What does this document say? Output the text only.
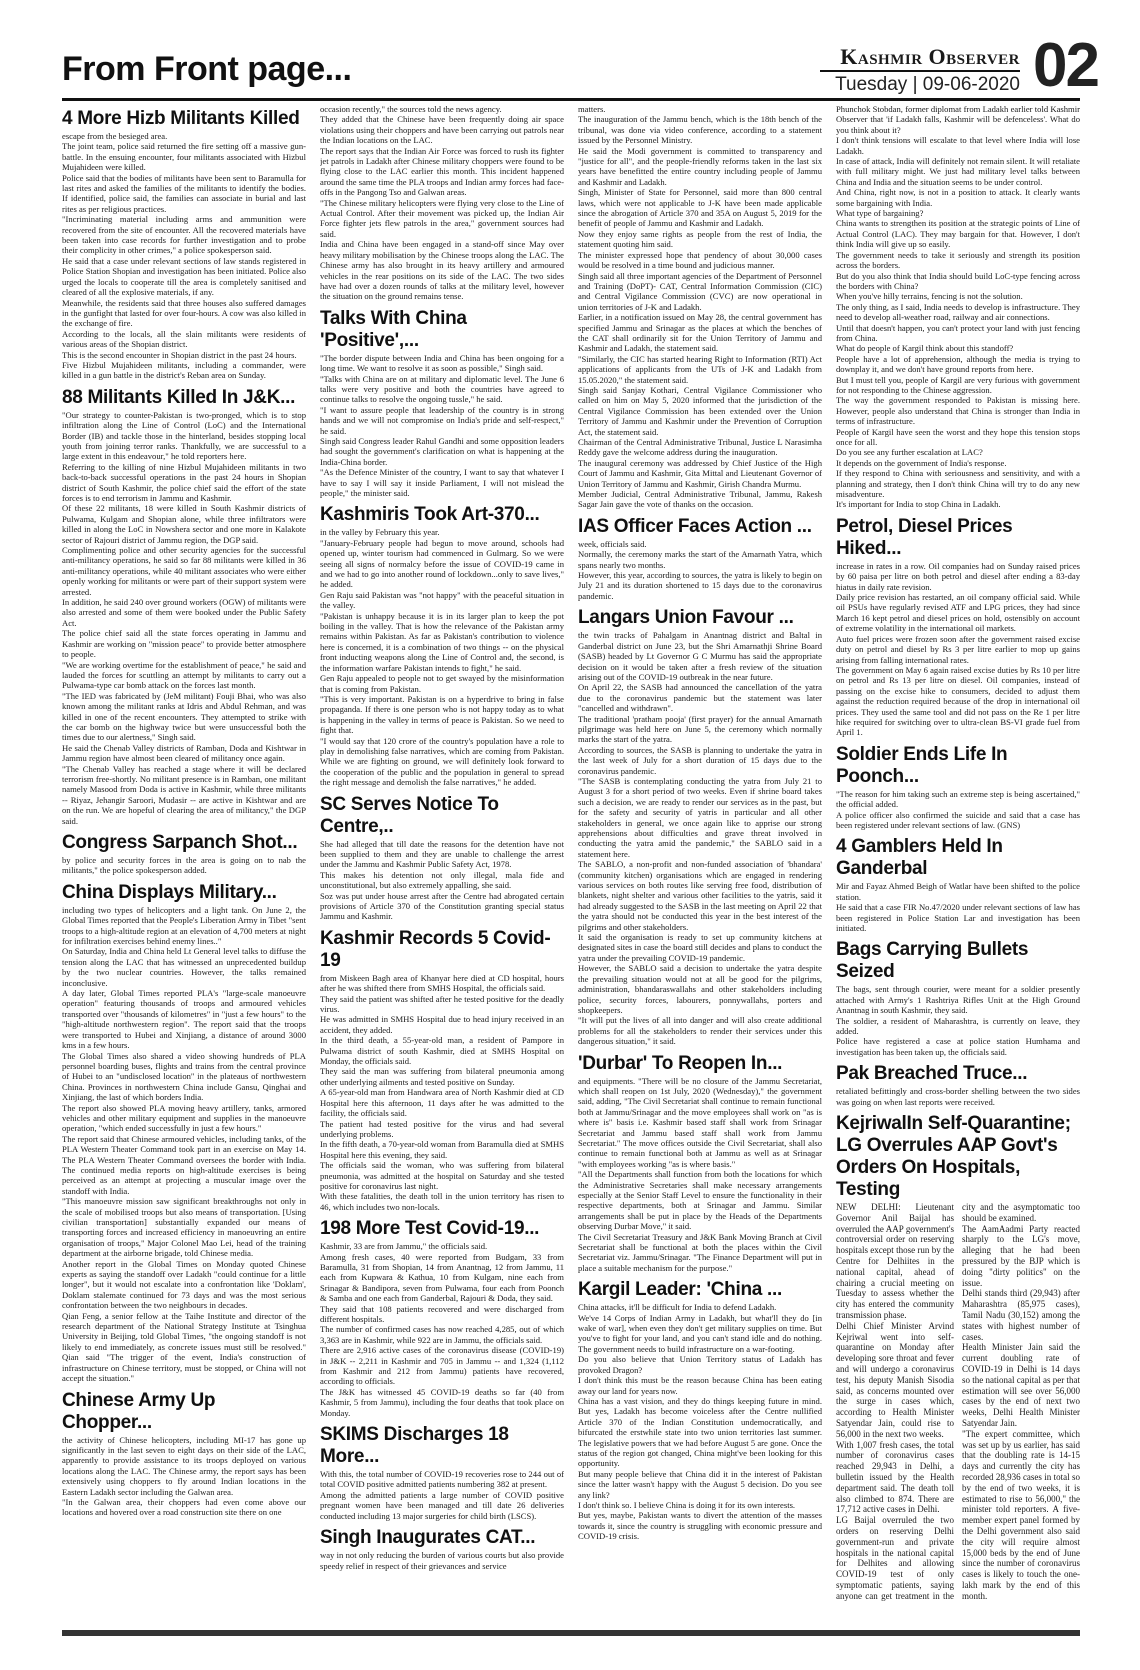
From Front page...	Kashmir Observer
Tuesday | 09-06-2020 02
4 More Hizb Militants Killed

escape from the besieged area.

The joint team, police said returned the fire setting off a massive gun-battle. In the ensuing encounter, four militants associated with Hizbul Mujahideen were killed.

Police said that the bodies of militants have been sent to Baramulla for last rites and asked the families of the militants to identify the bodies. If identified, police said, the families can associate in burial and last rites as per religious practices.

"Incriminating material including arms and ammunition were recovered from the site of encounter. All the recovered materials have been taken into case records for further investigation and to probe their complicity in other crimes," a police spokesperson said.

He said that a case under relevant sections of law stands registered in Police Station Shopian and investigation has been initiated. Police also urged the locals to cooperate till the area is completely sanitised and cleared of all the explosive materials, if any.

Meanwhile, the residents said that three houses also suffered damages in the gunfight that lasted for over four-hours. A cow was also killed in the exchange of fire.

According to the locals, all the slain militants were residents of various areas of the Shopian district.

This is the second encounter in Shopian district in the past 24 hours.

Five Hizbul Mujahideen militants, including a commander, were killed in a gun battle in the district's Reban area on Sunday.

88 Militants Killed In J&K...

"Our strategy to counter-Pakistan is two-pronged, which is to stop infiltration along the Line of Control (LoC) and the International Border (IB) and tackle those in the hinterland, besides stopping local youth from joining terror ranks. Thankfully, we are successful to a large extent in this endeavour," he told reporters here.

Referring to the killing of nine Hizbul Mujahideen militants in two back-to-back successful operations in the past 24 hours in Shopian district of South Kashmir, the police chief said the effort of the state forces is to end terrorism in Jammu and Kashmir.

Of these 22 militants, 18 were killed in South Kashmir districts of Pulwama, Kulgam and Shopian alone, while three infiltrators were killed in along the LoC in Nowshera sector and one more in Kalakote sector of Rajouri district of Jammu region, the DGP said.

Complimenting police and other security agencies for the successful anti-militancy operations, he said so far 88 militants were killed in 36 anti-militancy operations, while 40 militant associates who were either openly working for militants or were part of their support system were arrested.

In addition, he said 240 over ground workers (OGW) of militants were also arrested and some of them were booked under the Public Safety Act.

The police chief said all the state forces operating in Jammu and Kashmir are working on "mission peace" to provide better atmosphere to people.

"We are working overtime for the establishment of peace," he said and lauded the forces for scuttling an attempt by militants to carry out a Pulwama-type car bomb attack on the forces last month.

"The IED was fabricated by (JeM militant) Fouji Bhai, who was also known among the militant ranks at Idris and Abdul Rehman, and was killed in one of the recent encounters. They attempted to strike with the car bomb on the highway twice but were unsuccessful both the times due to our alertness," Singh said.

He said the Chenab Valley districts of Ramban, Doda and Kishtwar in Jammu region have almost been cleared of militancy once again.

"The Chenab Valley has reached a stage where it will be declared terrorism free-shortly. No militant presence is in Ramban, one militant namely Masood from Doda is active in Kashmir, while three militants -- Riyaz, Jehangir Saroori, Mudasir -- are active in Kishtwar and are on the run. We are hopeful of clearing the area of militancy," the DGP said.

Congress Sarpanch Shot...

by police and security forces in the area is going on to nab the militants," the police spokesperson added.

China Displays Military...

including two types of helicopters and a light tank. On June 2, the Global Times reported that the People's Liberation Army in Tibet "sent troops to a high-altitude region at an elevation of 4,700 meters at night for infiltration exercises behind enemy lines.."

On Saturday, India and China held Lt General level talks to diffuse the tension along the LAC that has witnessed an unprecedented buildup by the two nuclear countries. However, the talks remained inconclusive.

A day later, Global Times reported PLA's "large-scale manoeuvre operation" featuring thousands of troops and armoured vehicles transported over "thousands of kilometres" in "just a few hours" to the "high-altitude northwestern region". The report said that the troops were transported to Hubei and Xinjiang, a distance of around 3000 kms in a few hours.

The Global Times also shared a video showing hundreds of PLA personnel boarding buses, flights and trains from the central province of Hubei to an "undisclosed location" in the plateaus of northwestern China. Provinces in northwestern China include Gansu, Qinghai and Xinjiang, the last of which borders India.

The report also showed PLA moving heavy artillery, tanks, armored vehicles and other military equipment and supplies in the manoeuvre operation, "which ended successfully in just a few hours."

The report said that Chinese armoured vehicles, including tanks, of the PLA Western Theater Command took part in an exercise on May 14. The PLA Western Theater Command oversees the border with India. The continued media reports on high-altitude exercises is being perceived as an attempt at projecting a muscular image over the standoff with India.

"This manoeuvre mission saw significant breakthroughs not only in the scale of mobilised troops but also means of transportation. [Using civilian transportation] substantially expanded our means of transporting forces and increased efficiency in manoeuvring an entire organisation of troops," Major Colonel Mao Lei, head of the training department at the airborne brigade, told Chinese media.

Another report in the Global Times on Monday quoted Chinese experts as saying the standoff over Ladakh "could continue for a little longer", but it would not escalate into a confrontation like 'Doklam', Doklam stalemate continued for 73 days and was the most serious confrontation between the two neighbours in decades.

Qian Feng, a senior fellow at the Taihe Institute and director of the research department of the National Strategy Institute at Tsinghua University in Beijing, told Global Times, "the ongoing standoff is not likely to end immediately, as concrete issues must still be resolved." Qian said "The trigger of the event, India's construction of infrastructure on Chinese territory, must be stopped, or China will not accept the situation."

Chinese Army Up Chopper...

the activity of Chinese helicopters, including MI-17 has gone up significantly in the last seven to eight days on their side of the LAC, apparently to provide assistance to its troops deployed on various locations along the LAC. The Chinese army, the report says has been extensively using choppers to fly around Indian locations in the Eastern Ladakh sector including the Galwan area.

"In the Galwan area, their choppers had even come above our locations and hovered over a road construction site there on one

occasion recently," the sources told the news agency.

They added that the Chinese have been frequently doing air space violations using their choppers and have been carrying out patrols near the Indian locations on the LAC.

The report says that the Indian Air Force was forced to rush its fighter jet patrols in Ladakh after Chinese military choppers were found to be flying close to the LAC earlier this month. This incident happened around the same time the PLA troops and Indian army forces had face-offs in the Pangong Tso and Galwan areas.

"The Chinese military helicopters were flying very close to the Line of Actual Control. After their movement was picked up, the Indian Air Force fighter jets flew patrols in the area," government sources had said.

India and China have been engaged in a stand-off since May over heavy military mobilisation by the Chinese troops along the LAC. The Chinese army has also brought in its heavy artillery and armoured vehicles in the rear positions on its side of the LAC. The two sides have had over a dozen rounds of talks at the military level, however the situation on the ground remains tense.

Talks With China 'Positive',...

"The border dispute between India and China has been ongoing for a long time. We want to resolve it as soon as possible," Singh said.

"Talks with China are on at military and diplomatic level. The June 6 talks were very positive and both the countries have agreed to continue talks to resolve the ongoing tussle," he said.

"I want to assure people that leadership of the country is in strong hands and we will not compromise on India's pride and self-respect," he said.

Singh said Congress leader Rahul Gandhi and some opposition leaders had sought the government's clarification on what is happening at the India-China border.

"As the Defence Minister of the country, I want to say that whatever I have to say I will say it inside Parliament, I will not mislead the people," the minister said.

Kashmiris Took Art-370...

in the valley by February this year.

"January-February people had begun to move around, schools had opened up, winter tourism had commenced in Gulmarg. So we were seeing all signs of normalcy before the issue of COVID-19 came in and we had to go into another round of lockdown...only to save lives," he added.

Gen Raju said Pakistan was "not happy" with the peaceful situation in the valley.

"Pakistan is unhappy because it is in its larger plan to keep the pot boiling in the valley. That is how the relevance of the Pakistan army remains within Pakistan. As far as Pakistan's contribution to violence here is concerned, it is a combination of two things -- on the physical front inducting weapons along the Line of Control and, the second, is the information warfare Pakistan intends to fight," he said.

Gen Raju appealed to people not to get swayed by the misinformation that is coming from Pakistan.

"This is very important. Pakistan is on a hyperdrive to bring in false propaganda. If there is one person who is not happy today as to what is happening in the valley in terms of peace is Pakistan. So we need to fight that.

"I would say that 120 crore of the country's population have a role to play in demolishing false narratives, which are coming from Pakistan. While we are fighting on ground, we will definitely look forward to the cooperation of the public and the population in general to spread the right message and demolish the false narratives," he added.

SC Serves Notice To Centre,..

She had alleged that till date the reasons for the detention have not been supplied to them and they are unable to challenge the arrest under the Jammu and Kashmir Public Safety Act, 1978.

This makes his detention not only illegal, mala fide and unconstitutional, but also extremely appalling, she said.

Soz was put under house arrest after the Centre had abrogated certain provisions of Article 370 of the Constitution granting special status Jammu and Kashmir.

Kashmir Records 5 Covid-19

from Miskeen Bagh area of Khanyar here died at CD hospital, hours after he was shifted there from SMHS Hospital, the officials said.

They said the patient was shifted after he tested positive for the deadly virus.

He was admitted in SMHS Hospital due to head injury received in an accident, they added.

In the third death, a 55-year-old man, a resident of Pampore in Pulwama district of south Kashmir, died at SMHS Hospital on Monday, the officials said.

They said the man was suffering from bilateral pneumonia among other underlying ailments and tested positive on Sunday.

A 65-year-old man from Handwara area of North Kashmir died at CD Hospital here this afternoon, 11 days after he was admitted to the facility, the officials said.

The patient had tested positive for the virus and had several underlying problems.

In the fifth death, a 70-year-old woman from Baramulla died at SMHS Hospital here this evening, they said.

The officials said the woman, who was suffering from bilateral pneumonia, was admitted at the hospital on Saturday and she tested positive for coronavirus last night.

With these fatalities, the death toll in the union territory has risen to 46, which includes two non-locals.

198 More Test Covid-19...

Kashmir, 33 are from Jammu," the officials said.

Among fresh cases, 40 were reported from Budgam, 33 from Baramulla, 31 from Shopian, 14 from Anantnag, 12 from Jammu, 11 each from Kupwara & Kathua, 10 from Kulgam, nine each from Srinagar & Bandipora, seven from Pulwama, four each from Poonch & Samba and one each from Ganderbal, Rajouri & Doda, they said.

They said that 108 patients recovered and were discharged from different hospitals.

The number of confirmed cases has now reached 4,285, out of which 3,363 are in Kashmir, while 922 are in Jammu, the officials said.

There are 2,916 active cases of the coronavirus disease (COVID-19) in J&K -- 2,211 in Kashmir and 705 in Jammu -- and 1,324 (1,112 from Kashmir and 212 from Jammu) patients have recovered, according to officials.

The J&K has witnessed 45 COVID-19 deaths so far (40 from Kashmir, 5 from Jammu), including the four deaths that took place on Monday.

SKIMS Discharges 18 More...

With this, the total number of COVID-19 recoveries rose to 244 out of total COVID positive admitted patients numbering 382 at present.

Among the admitted patients a large number of COVID positive pregnant women have been managed and till date 26 deliveries conducted including 13 major surgeries for child birth (LSCS).

Singh Inaugurates CAT...

way in not only reducing the burden of various courts but also provide speedy relief in respect of their grievances and service

matters.

The inauguration of the Jammu bench, which is the 18th bench of the tribunal, was done via video conference, according to a statement issued by the Personnel Ministry.

He said the Modi government is committed to transparency and "justice for all", and the people-friendly reforms taken in the last six years have benefitted the entire country including people of Jammu and Kashmir and Ladakh.

Singh, Minister of State for Personnel, said more than 800 central laws, which were not applicable to J-K have been made applicable since the abrogation of Article 370 and 35A on August 5, 2019 for the benefit of people of Jammu and Kashmir and Ladakh.

Now they enjoy same rights as people from the rest of India, the statement quoting him said.

The minister expressed hope that pendency of about 30,000 cases would be resolved in a time bound and judicious manner.

Singh said all three important agencies of the Department of Personnel and Training (DoPT)- CAT, Central Information Commission (CIC) and Central Vigilance Commission (CVC) are now operational in union territories of J-K and Ladakh.

Earlier, in a notification issued on May 28, the central government has specified Jammu and Srinagar as the places at which the benches of the CAT shall ordinarily sit for the Union Territory of Jammu and Kashmir and Ladakh, the statement said.

"Similarly, the CIC has started hearing Right to Information (RTI) Act applications of applicants from the UTs of J-K and Ladakh from 15.05.2020," the statement said.

Singh said Sanjay Kothari, Central Vigilance Commissioner who called on him on May 5, 2020 informed that the jurisdiction of the Central Vigilance Commission has been extended over the Union Territory of Jammu and Kashmir under the Prevention of Corruption Act, the statement said.

Chairman of the Central Administrative Tribunal, Justice L Narasimha Reddy gave the welcome address during the inauguration.

The inaugural ceremony was addressed by Chief Justice of the High Court of Jammu and Kashmir, Gita Mittal and Lieutenant Governor of Union Territory of Jammu and Kashmir, Girish Chandra Murmu.

Member Judicial, Central Administrative Tribunal, Jammu, Rakesh Sagar Jain gave the vote of thanks on the occasion.

IAS Officer Faces Action ...

week, officials said.

Normally, the ceremony marks the start of the Amarnath Yatra, which spans nearly two months.

However, this year, according to sources, the yatra is likely to begin on July 21 and its duration shortened to 15 days due to the coronavirus pandemic.

Langars Union Favour ...

the twin tracks of Pahalgam in Anantnag district and Baltal in Ganderbal district on June 23, but the Shri Amarnathji Shrine Board (SASB) headed by Lt Governor G C Murmu has said the appropriate decision on it would be taken after a fresh review of the situation arising out of the COVID-19 outbreak in the near future.

On April 22, the SASB had announced the cancellation of the yatra due to the coronavirus pandemic but the statement was later "cancelled and withdrawn".

The traditional 'pratham pooja' (first prayer) for the annual Amarnath pilgrimage was held here on June 5, the ceremony which normally marks the start of the yatra.

According to sources, the SASB is planning to undertake the yatra in the last week of July for a short duration of 15 days due to the coronavirus pandemic.

"The SASB is contemplating conducting the yatra from July 21 to August 3 for a short period of two weeks. Even if shrine board takes such a decision, we are ready to render our services as in the past, but for the safety and security of yatris in particular and all other stakeholders in general, we once again like to apprise our strong apprehensions about difficulties and grave threat involved in conducting the yatra amid the pandemic," the SABLO said in a statement here.

The SABLO, a non-profit and non-funded association of 'bhandara' (community kitchen) organisations which are engaged in rendering various services on both routes like serving free food, distribution of blankets, night shelter and various other facilities to the yatris, said it had already suggested to the SASB in the last meeting on April 22 that the yatra should not be conducted this year in the best interest of the pilgrims and other stakeholders.

It said the organisation is ready to set up community kitchens at designated sites in case the board still decides and plans to conduct the yatra under the prevailing COVID-19 pandemic.

However, the SABLO said a decision to undertake the yatra despite the prevailing situation would not at all be good for the pilgrims, administration, bhandaraswallahs and other stakeholders including police, security forces, labourers, ponnywallahs, porters and shopkeepers.

"It will put the lives of all into danger and will also create additional problems for all the stakeholders to render their services under this dangerous situation," it said.

'Durbar' To Reopen In...

and equipments. "There will be no closure of the Jammu Secretariat, which shall reopen on 1st July, 2020 (Wednesday)," the government said, adding, "The Civil Secretariat shall continue to remain functional both at Jammu/Srinagar and the move employees shall work on "as is where is" basis i.e. Kashmir based staff shall work from Srinagar Secretariat and Jammu based staff shall work from Jammu Secretariat." The move offices outside the Civil Secretariat, shall also continue to remain functional both at Jammu as well as at Srinagar "with employees working "as is where basis."

"All the Departments shall function from both the locations for which the Administrative Secretaries shall make necessary arrangements especially at the Senior Staff Level to ensure the functionality in their respective departments, both at Srinagar and Jammu. Similar arrangements shall be put in place by the Heads of the Departments observing Durbar Move," it said.

The Civil Secretariat Treasury and J&K Bank Moving Branch at Civil Secretariat shall be functional at both the places within the Civil Secretariat viz. Jammu/Srinagar. "The Finance Department will put in place a suitable mechanism for the purpose."

Kargil Leader: 'China ...

China attacks, it'll be difficult for India to defend Ladakh.

We've 14 Corps of Indian Army in Ladakh, but what'll they do [in wake of war], when even they don't get military supplies on time. But you've to fight for your land, and you can't stand idle and do nothing. The government needs to build infrastructure on a war-footing.

Do you also believe that Union Territory status of Ladakh has provoked Dragon?

I don't think this must be the reason because China has been eating away our land for years now.

China has a vast vision, and they do things keeping future in mind. But yes, Ladakh has become voiceless after the Centre nullified Article 370 of the Indian Constitution undemocratically, and bifurcated the erstwhile state into two union territories last summer. The legislative powers that we had before August 5 are gone. Once the status of the region got changed, China might've been looking for this opportunity.

But many people believe that China did it in the interest of Pakistan since the latter wasn't happy with the August 5 decision. Do you see any link?

I don't think so. I believe China is doing it for its own interests.

But yes, maybe, Pakistan wants to divert the attention of the masses towards it, since the country is struggling with economic pressure and COVID-19 crisis.

Phunchok Stobdan, former diplomat from Ladakh earlier told Kashmir Observer that 'if Ladakh falls, Kashmir will be defenceless'. What do you think about it?

I don't think tensions will escalate to that level where India will lose Ladakh.

In case of attack, India will definitely not remain silent. It will retaliate with full military might. We just had military level talks between China and India and the situation seems to be under control.

And China, right now, is not in a position to attack. It clearly wants some bargaining with India.

What type of bargaining?

China wants to strengthen its position at the strategic points of Line of Actual Control (LAC). They may bargain for that. However, I don't think India will give up so easily.

The government needs to take it seriously and strength its position across the borders.

But do you also think that India should build LoC-type fencing across the borders with China?

When you've hilly terrains, fencing is not the solution.

The only thing, as I said, India needs to develop is infrastructure. They need to develop all-weather road, railway and air connections.

Until that doesn't happen, you can't protect your land with just fencing from China.

What do people of Kargil think about this standoff?

People have a lot of apprehension, although the media is trying to downplay it, and we don't have ground reports from here.

But I must tell you, people of Kargil are very furious with government for not responding to the Chinese aggression.

The way the government responded to Pakistan is missing here. However, people also understand that China is stronger than India in terms of infrastructure.

People of Kargil have seen the worst and they hope this tension stops once for all.

Do you see any further escalation at LAC?

It depends on the government of India's response.

If they respond to China with seriousness and sensitivity, and with a planning and strategy, then I don't think China will try to do any new misadventure.

It's important for India to stop China in Ladakh.

Petrol, Diesel Prices Hiked...

increase in rates in a row. Oil companies had on Sunday raised prices by 60 paisa per litre on both petrol and diesel after ending a 83-day hiatus in daily rate revision.

Daily price revision has restarted, an oil company official said. While oil PSUs have regularly revised ATF and LPG prices, they had since March 16 kept petrol and diesel prices on hold, ostensibly on account of extreme volatility in the international oil markets.

Auto fuel prices were frozen soon after the government raised excise duty on petrol and diesel by Rs 3 per litre earlier to mop up gains arising from falling international rates.

The government on May 6 again raised excise duties by Rs 10 per litre on petrol and Rs 13 per litre on diesel. Oil companies, instead of passing on the excise hike to consumers, decided to adjust them against the reduction required because of the drop in international oil prices. They used the same tool and did not pass on the Re 1 per litre hike required for switching over to ultra-clean BS-VI grade fuel from April 1.

Soldier Ends Life In Poonch...

"The reason for him taking such an extreme step is being ascertained," the official added.

A police officer also confirmed the suicide and said that a case has been registered under relevant sections of law. (GNS)

4 Gamblers Held In Ganderbal

Mir and Fayaz Ahmed Beigh of Watlar have been shifted to the police station.

He said that a case FIR No.47/2020 under relevant sections of law has been registered in Police Station Lar and investigation has been initiated.

Bags Carrying Bullets Seized

The bags, sent through courier, were meant for a soldier presently attached with Army's 1 Rashtriya Rifles Unit at the High Ground Anantnag in south Kashmir, they said.

The soldier, a resident of Maharashtra, is currently on leave, they added.

Police have registered a case at police station Humhama and investigation has been taken up, the officials said.

Pak Breached Truce...

retaliated befittingly and cross-border shelling between the two sides was going on when last reports were received.

KejriwalIn Self-Quarantine; LG Overrules AAP Govt's Orders On Hospitals, Testing

NEW DELHI: Lieutenant Governor Anil Baijal has overruled the AAP government's controversial order on reserving hospitals except those run by the Centre for Delhiites in the national capital, ahead of chairing a crucial meeting on Tuesday to assess whether the city has entered the community transmission phase.

Delhi Chief Minister Arvind Kejriwal went into self-quarantine on Monday after developing sore throat and fever and will undergo a coronavirus test, his deputy Manish Sisodia said, as concerns mounted over the surge in cases which, according to Health Minister Satyendar Jain, could rise to 56,000 in the next two weeks.

With 1,007 fresh cases, the total number of coronavirus cases reached 29,943 in Delhi, a bulletin issued by the Health department said. The death toll also climbed to 874. There are 17,712 active cases in Delhi.

LG Baijal overruled the two orders on reserving Delhi government-run and private hospitals in the national capital for Delhites and allowing COVID-19 test of only symptomatic patients, saying anyone can get treatment in the city and the asymptomatic too should be examined.

The AamAadmi Party reacted sharply to the LG's move, alleging that he had been pressured by the BJP which is doing "dirty politics" on the issue.

Delhi stands third (29,943) after Maharashtra (85,975 cases), Tamil Nadu (30,152) among the states with highest number of cases.

Health Minister Jain said the current doubling rate of COVID-19 in Delhi is 14 days so the national capital as per that estimation will see over 56,000 cases by the end of next two weeks, Delhi Health Minister Satyendar Jain.

"The expert committee, which was set up by us earlier, has said that the doubling rate is 14-15 days and currently the city has recorded 28,936 cases in total so by the end of two weeks, it is estimated to rise to 56,000," the minister told reporters. A five-member expert panel formed by the Delhi government also said the city will require almost 15,000 beds by the end of June since the number of coronavirus cases is likely to touch the one-lakh mark by the end of this month.
